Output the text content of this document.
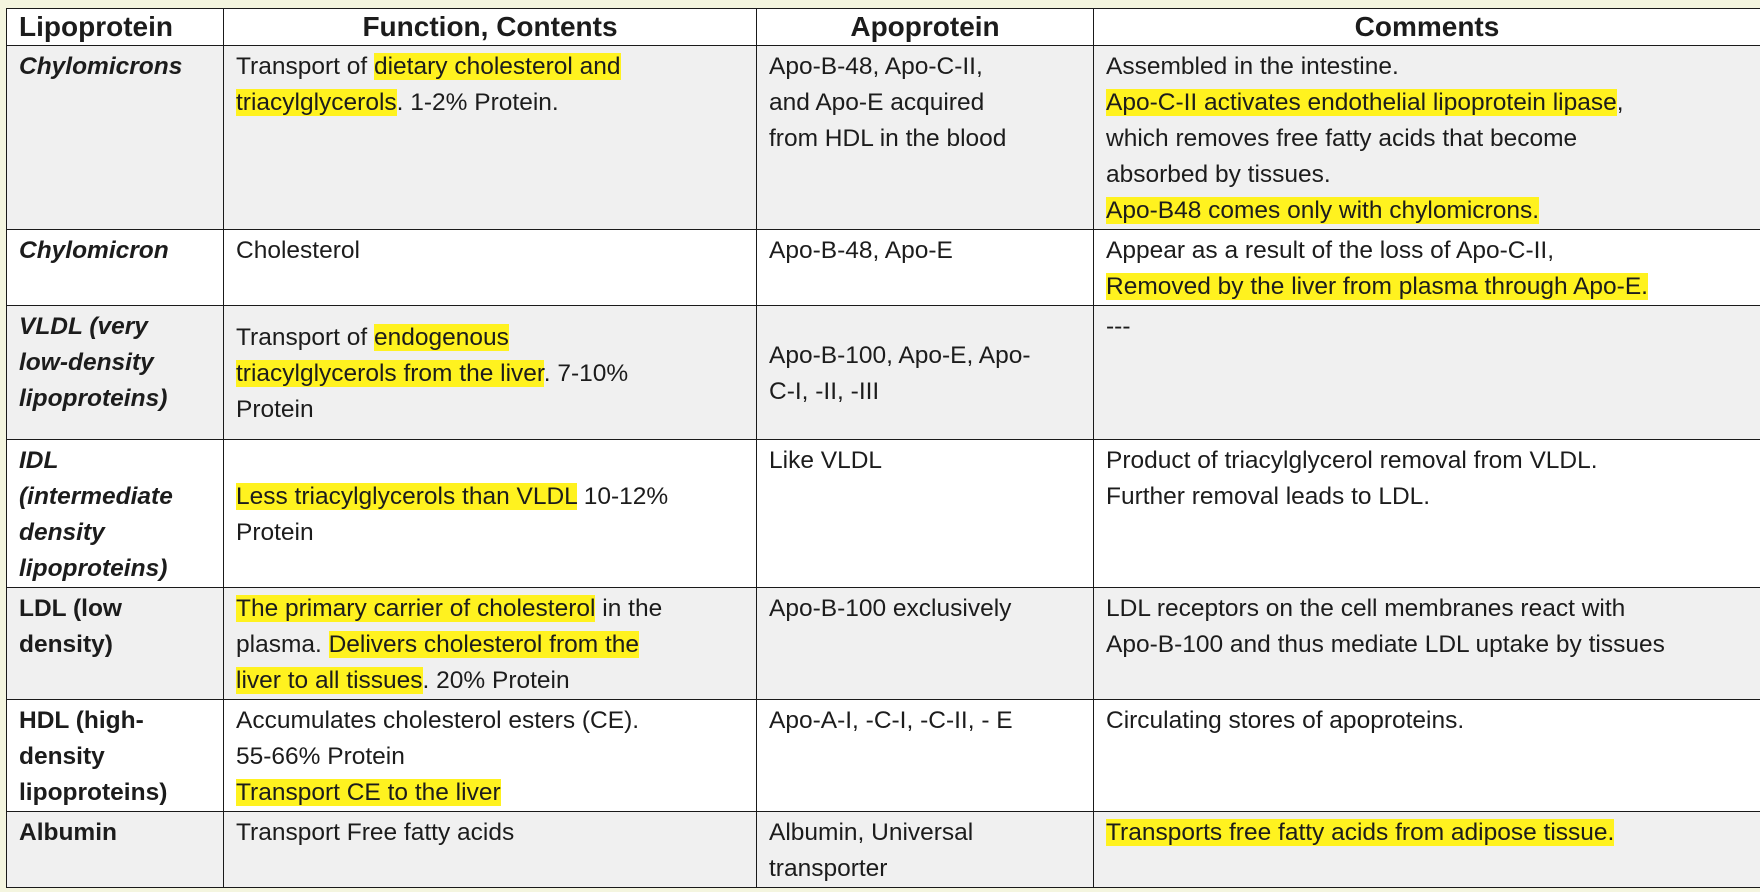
Lipoprotein	Function, Contents	Apoprotein	Comments

Chylomicrons	Transport of dietary cholesterol and
triacylglycerols. 1-2% Protein.	Apo-B-48, Apo-C-II,
and Apo-E acquired
from HDL in the blood	Assembled in the intestine.
Apo-C-II activates endothelial lipoprotein lipase,
which removes free fatty acids that become
absorbed by tissues.
Apo-B48 comes only with chylomicrons.

Chylomicron	Cholesterol	Apo-B-48, Apo-E	Appear as a result of the loss of Apo-C-II,
Removed by the liver from plasma through Apo-E.

VLDL (very
low-density
lipoproteins)	Transport of endogenous
triacylglycerols from the liver. 7-10%
Protein	Apo-B-100, Apo-E, Apo-
C-I, -II, -III	---

IDL
(intermediate
density
lipoproteins)	Less triacylglycerols than VLDL 10-12%
Protein	Like VLDL	Product of triacylglycerol removal from VLDL.
Further removal leads to LDL.

LDL (low
density)	The primary carrier of cholesterol in the
plasma. Delivers cholesterol from the
liver to all tissues. 20% Protein	Apo-B-100 exclusively	LDL receptors on the cell membranes react with
Apo-B-100 and thus mediate LDL uptake by tissues

HDL (high-
density
lipoproteins)	Accumulates cholesterol esters (CE).
55-66% Protein
Transport CE to the liver	Apo-A-I, -C-I, -C-II, - E	Circulating stores of apoproteins.

Albumin	Transport Free fatty acids	Albumin, Universal
transporter	Transports free fatty acids from adipose tissue.
